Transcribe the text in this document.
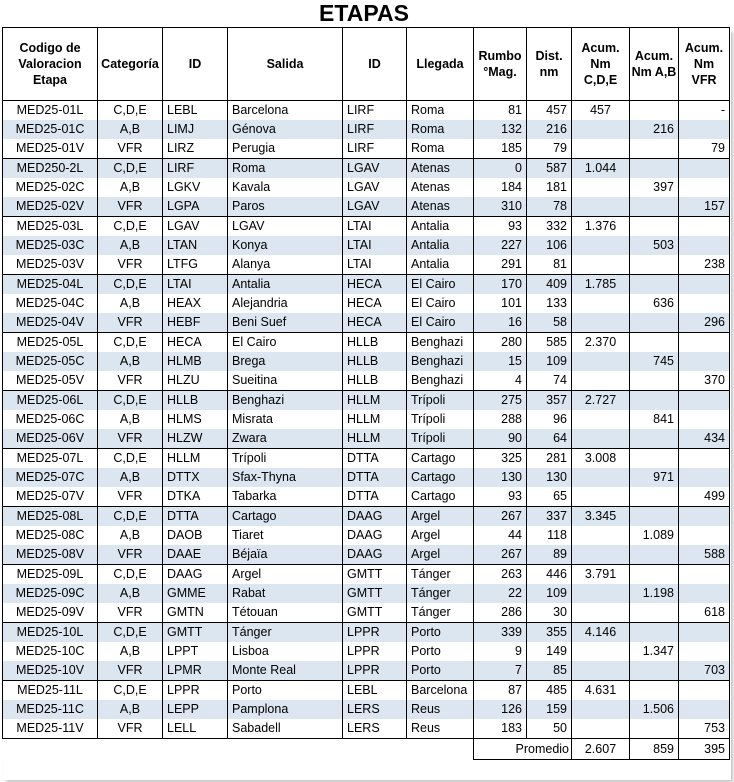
ETAPAS
Codigo de Valoracion Etapa	Categoría	ID	Salida	ID	Llegada	Rumbo °Mag.	Dist. nm	Acum. Nm C,D,E	Acum. Nm A,B	Acum. Nm VFR
MED25-01L	C,D,E	LEBL	Barcelona	LIRF	Roma	81	457	457		-
MED25-01C	A,B	LIMJ	Génova	LIRF	Roma	132	216		216	
MED25-01V	VFR	LIRZ	Perugia	LIRF	Roma	185	79			79
MED250-2L	C,D,E	LIRF	Roma	LGAV	Atenas	0	587	1.044		
MED25-02C	A,B	LGKV	Kavala	LGAV	Atenas	184	181		397	
MED25-02V	VFR	LGPA	Paros	LGAV	Atenas	310	78			157
MED25-03L	C,D,E	LGAV	LGAV	LTAI	Antalia	93	332	1.376		
MED25-03C	A,B	LTAN	Konya	LTAI	Antalia	227	106		503	
MED25-03V	VFR	LTFG	Alanya	LTAI	Antalia	291	81			238
MED25-04L	C,D,E	LTAI	Antalia	HECA	El Cairo	170	409	1.785		
MED25-04C	A,B	HEAX	Alejandria	HECA	El Cairo	101	133		636	
MED25-04V	VFR	HEBF	Beni Suef	HECA	El Cairo	16	58			296
MED25-05L	C,D,E	HECA	El Cairo	HLLB	Benghazi	280	585	2.370		
MED25-05C	A,B	HLMB	Brega	HLLB	Benghazi	15	109		745	
MED25-05V	VFR	HLZU	Sueitina	HLLB	Benghazi	4	74			370
MED25-06L	C,D,E	HLLB	Benghazi	HLLM	Trípoli	275	357	2.727		
MED25-06C	A,B	HLMS	Misrata	HLLM	Trípoli	288	96		841	
MED25-06V	VFR	HLZW	Zwara	HLLM	Trípoli	90	64			434
MED25-07L	C,D,E	HLLM	Trípoli	DTTA	Cartago	325	281	3.008		
MED25-07C	A,B	DTTX	Sfax-Thyna	DTTA	Cartago	130	130		971	
MED25-07V	VFR	DTKA	Tabarka	DTTA	Cartago	93	65			499
MED25-08L	C,D,E	DTTA	Cartago	DAAG	Argel	267	337	3.345		
MED25-08C	A,B	DAOB	Tiaret	DAAG	Argel	44	118		1.089	
MED25-08V	VFR	DAAE	Béjaïa	DAAG	Argel	267	89			588
MED25-09L	C,D,E	DAAG	Argel	GMTT	Tánger	263	446	3.791		
MED25-09C	A,B	GMME	Rabat	GMTT	Tánger	22	109		1.198	
MED25-09V	VFR	GMTN	Tétouan	GMTT	Tánger	286	30			618
MED25-10L	C,D,E	GMTT	Tánger	LPPR	Porto	339	355	4.146		
MED25-10C	A,B	LPPT	Lisboa	LPPR	Porto	9	149		1.347	
MED25-10V	VFR	LPMR	Monte Real	LPPR	Porto	7	85			703
MED25-11L	C,D,E	LPPR	Porto	LEBL	Barcelona	87	485	4.631		
MED25-11C	A,B	LEPP	Pamplona	LERS	Reus	126	159		1.506	
MED25-11V	VFR	LELL	Sabadell	LERS	Reus	183	50			753
						Promedio		2.607	859	395
